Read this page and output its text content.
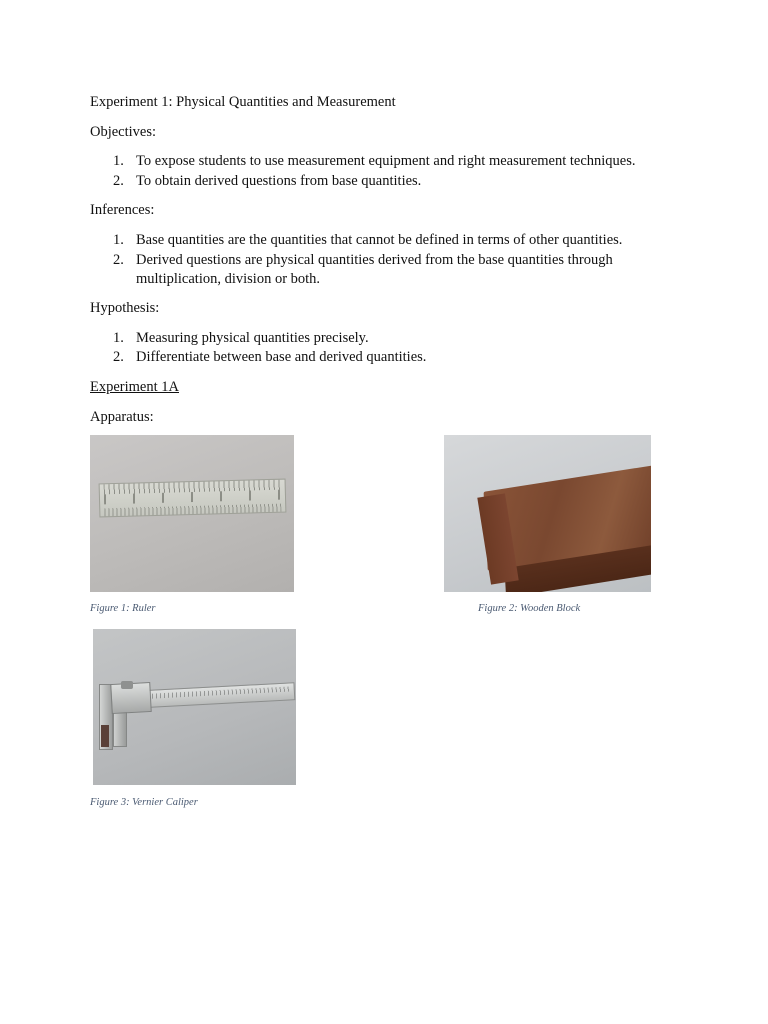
Experiment 1: Physical Quantities and Measurement
Objectives:
1. To expose students to use measurement equipment and right measurement techniques.
2. To obtain derived questions from base quantities.
Inferences:
1. Base quantities are the quantities that cannot be defined in terms of other quantities.
2. Derived questions are physical quantities derived from the base quantities through multiplication, division or both.
Hypothesis:
1. Measuring physical quantities precisely.
2. Differentiate between base and derived quantities.
Experiment 1A
Apparatus:
Figure 1: Ruler	Figure 2: Wooden Block
Figure 3: Vernier Caliper
